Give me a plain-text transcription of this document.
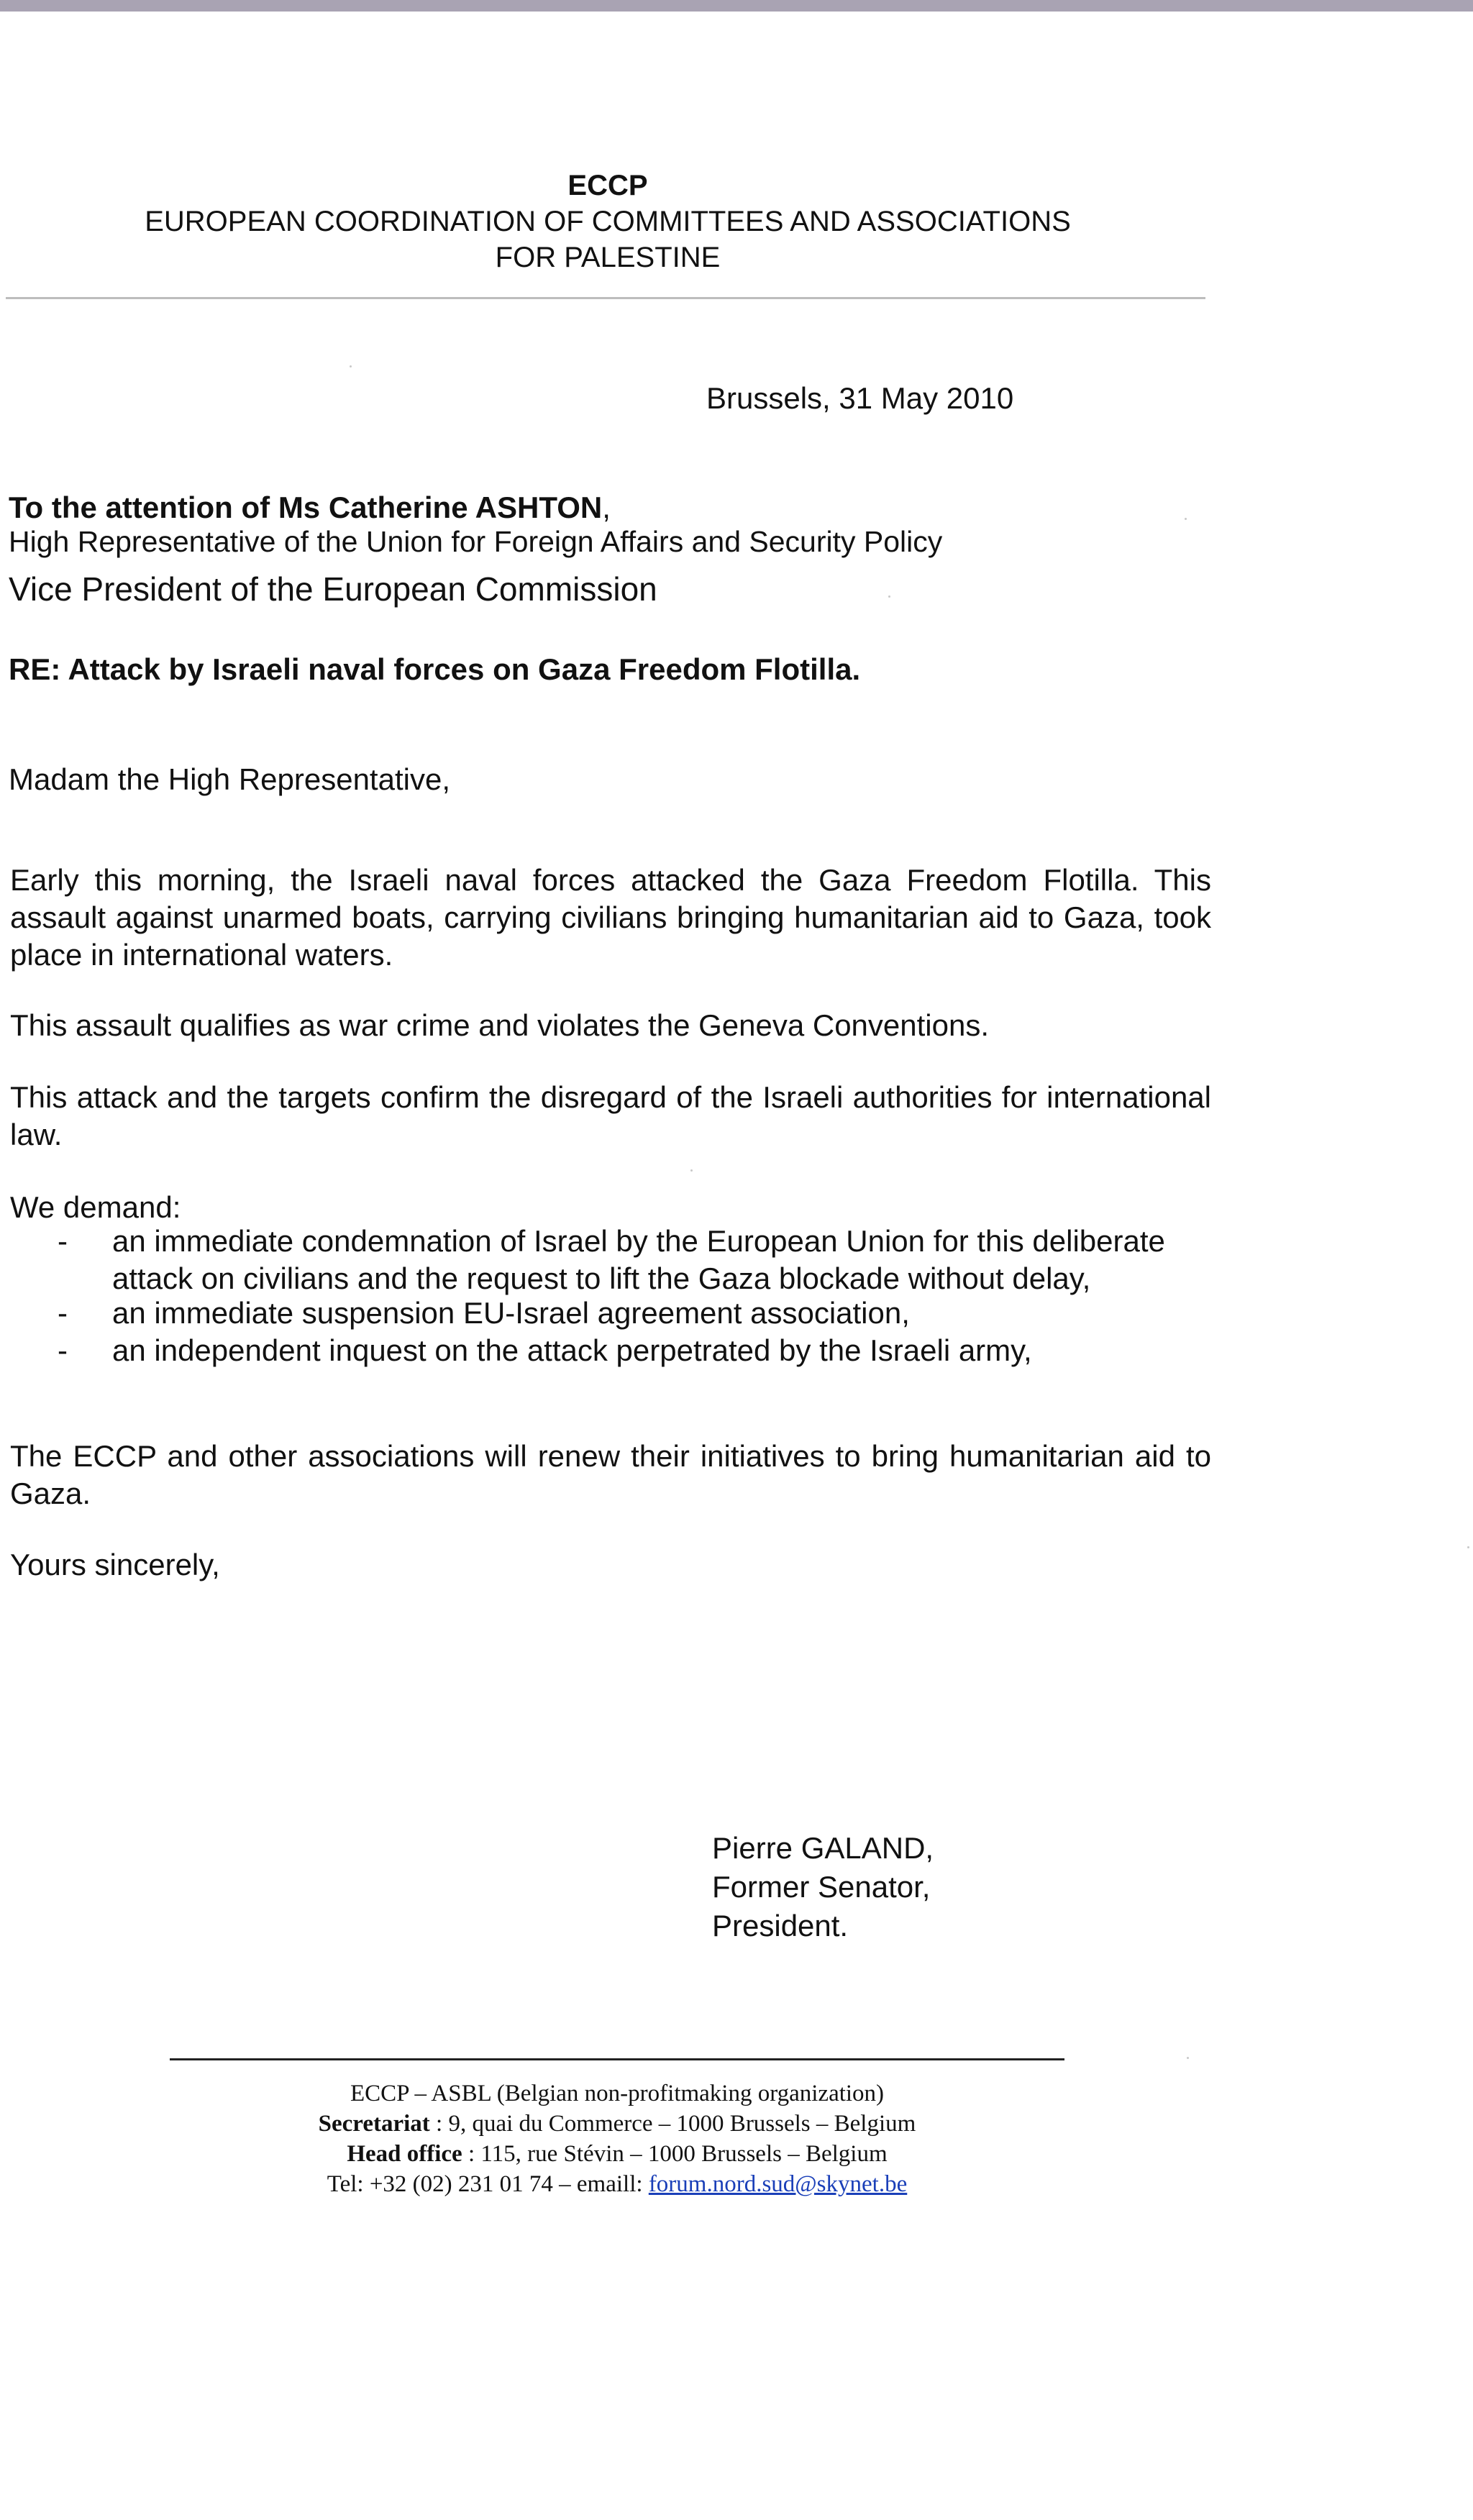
ECCP
EUROPEAN COORDINATION OF COMMITTEES AND ASSOCIATIONS
FOR PALESTINE
Brussels, 31 May 2010
To the attention of Ms Catherine ASHTON,
High Representative of the Union for Foreign Affairs and Security Policy
Vice President of the European Commission
RE: Attack by Israeli naval forces on Gaza Freedom Flotilla.
Madam the High Representative,
Early this morning, the Israeli naval forces attacked the Gaza Freedom Flotilla. This assault against unarmed boats, carrying civilians bringing humanitarian aid to Gaza, took place in international waters.
This assault qualifies as war crime and violates the Geneva Conventions.
This attack and the targets confirm the disregard of the Israeli authorities for international law.
We demand:
-	an immediate condemnation of Israel by the European Union for this deliberate attack on civilians and the request to lift the Gaza blockade without delay,
-	an immediate suspension EU-Israel agreement association,
-	an independent inquest on the attack perpetrated by the Israeli army,
The ECCP and other associations will renew their initiatives to bring humanitarian aid to Gaza.
Yours sincerely,
Pierre GALAND,
Former Senator,
President.
ECCP – ASBL (Belgian non-profitmaking organization)
Secretariat : 9, quai du Commerce – 1000 Brussels – Belgium
Head office : 115, rue Stévin – 1000 Brussels – Belgium
Tel: +32 (02) 231 01 74 – emaill: forum.nord.sud@skynet.be
